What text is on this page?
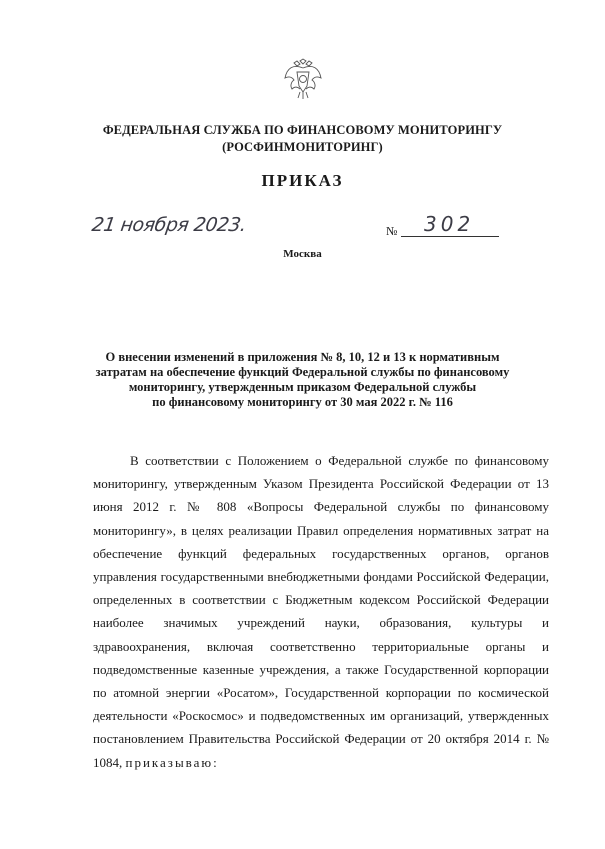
ФЕДЕРАЛЬНАЯ СЛУЖБА ПО ФИНАНСОВОМУ МОНИТОРИНГУ
(РОСФИНМОНИТОРИНГ)
ПРИКАЗ
21 ноября 2023.	№ 302
Москва
О внесении изменений в приложения № 8, 10, 12 и 13 к нормативным
затратам на обеспечение функций Федеральной службы по финансовому
мониторингу, утвержденным приказом Федеральной службы
по финансовому мониторингу от 30 мая 2022 г. № 116
В соответствии с Положением о Федеральной службе по финансовому мониторингу, утвержденным Указом Президента Российской Федерации от 13 июня 2012 г. № 808 «Вопросы Федеральной службы по финансовому мониторингу», в целях реализации Правил определения нормативных затрат на обеспечение функций федеральных государственных органов, органов управления государственными внебюджетными фондами Российской Федерации, определенных в соответствии с Бюджетным кодексом Российской Федерации наиболее значимых учреждений науки, образования, культуры и здравоохранения, включая соответственно территориальные органы и подведомственные казенные учреждения, а также Государственной корпорации по атомной энергии «Росатом», Государственной корпорации по космической деятельности «Роскосмос» и подведомственных им организаций, утвержденных постановлением Правительства Российской Федерации от 20 октября 2014 г. № 1084, приказываю:
